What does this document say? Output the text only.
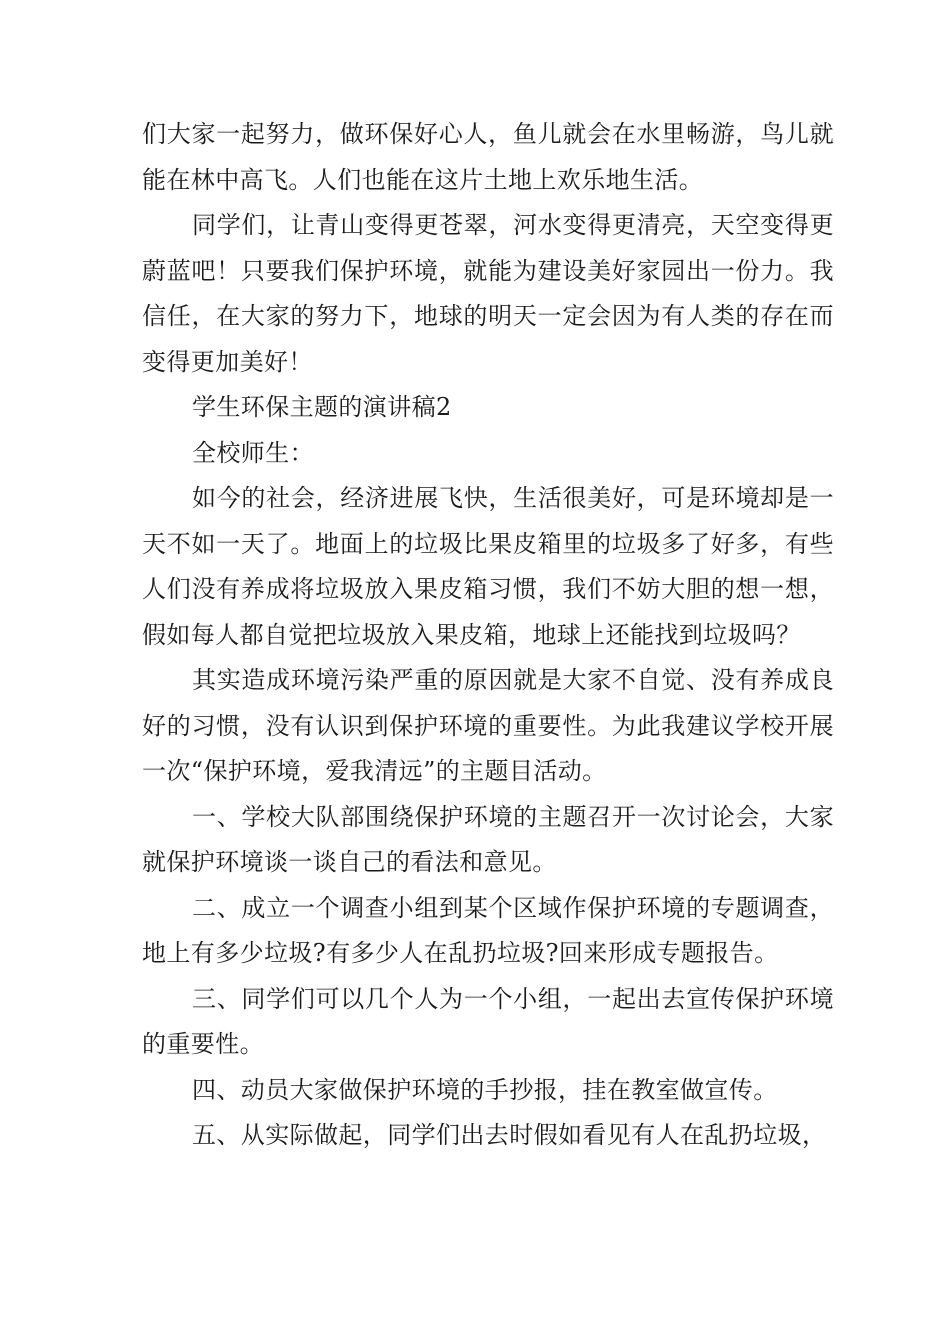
们大家一起努力，做环保好心人，鱼儿就会在水里畅游，鸟儿就能在林中高飞。人们也能在这片土地上欢乐地生活。

同学们，让青山变得更苍翠，河水变得更清亮，天空变得更蔚蓝吧！只要我们保护环境，就能为建设美好家园出一份力。我信任，在大家的努力下，地球的明天一定会因为有人类的存在而变得更加美好！

学生环保主题的演讲稿2

全校师生：

如今的社会，经济进展飞快，生活很美好，可是环境却是一天不如一天了。地面上的垃圾比果皮箱里的垃圾多了好多，有些人们没有养成将垃圾放入果皮箱习惯，我们不妨大胆的想一想，假如每人都自觉把垃圾放入果皮箱，地球上还能找到垃圾吗？

其实造成环境污染严重的原因就是大家不自觉、没有养成良好的习惯，没有认识到保护环境的重要性。为此我建议学校开展一次“保护环境，爱我清远”的主题目活动。

一、学校大队部围绕保护环境的主题召开一次讨论会，大家就保护环境谈一谈自己的看法和意见。

二、成立一个调查小组到某个区域作保护环境的专题调查，地上有多少垃圾?有多少人在乱扔垃圾?回来形成专题报告。

三、同学们可以几个人为一个小组，一起出去宣传保护环境的重要性。

四、动员大家做保护环境的手抄报，挂在教室做宣传。

五、从实际做起，同学们出去时假如看见有人在乱扔垃圾，
